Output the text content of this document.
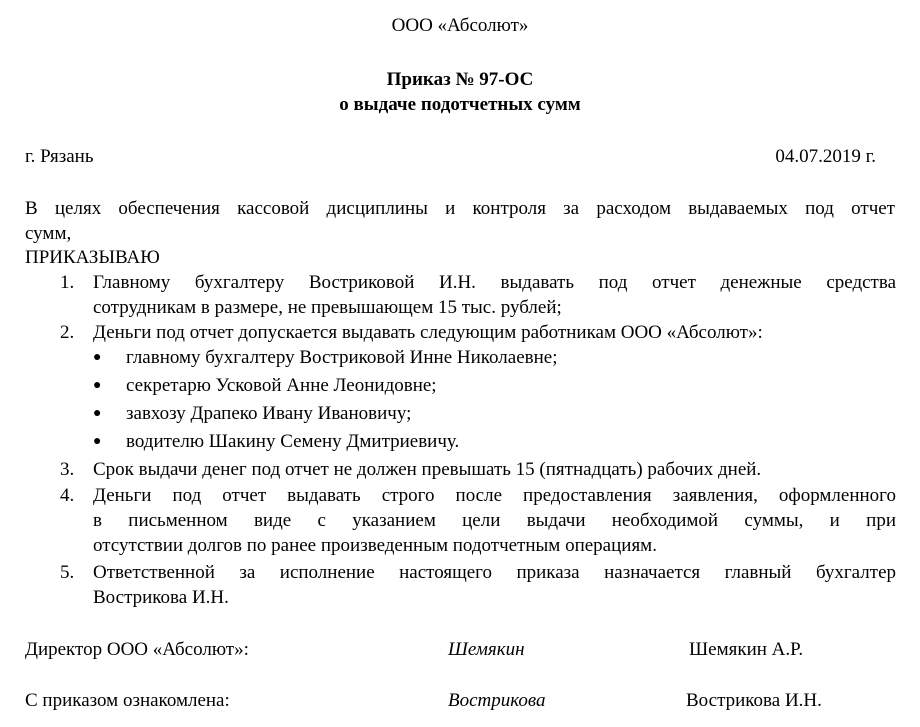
ООО «Абсолют»
Приказ № 97-ОС
о выдаче подотчетных сумм
г. Рязань	04.07.2019 г.
В целях обеспечения кассовой дисциплины и контроля за расходом выдаваемых под отчет
сумм,
ПРИКАЗЫВАЮ
1. Главному бухгалтеру Востриковой И.Н. выдавать под отчет денежные средства
сотрудникам в размере, не превышающем 15 тыс. рублей;
2. Деньги под отчет допускается выдавать следующим работникам ООО «Абсолют»:
● главному бухгалтеру Востриковой Инне Николаевне;
● секретарю Усковой Анне Леонидовне;
● завхозу Драпеко Ивану Ивановичу;
● водителю Шакину Семену Дмитриевичу.
3. Срок выдачи денег под отчет не должен превышать 15 (пятнадцать) рабочих дней.
4. Деньги под отчет выдавать строго после предоставления заявления, оформленного
в письменном виде с указанием цели выдачи необходимой суммы, и при
отсутствии долгов по ранее произведенным подотчетным операциям.
5. Ответственной за исполнение настоящего приказа назначается главный бухгалтер
Вострикова И.Н.
Директор ООО «Абсолют»:	Шемякин	Шемякин А.Р.
С приказом ознакомлена:	Вострикова	Вострикова И.Н.
